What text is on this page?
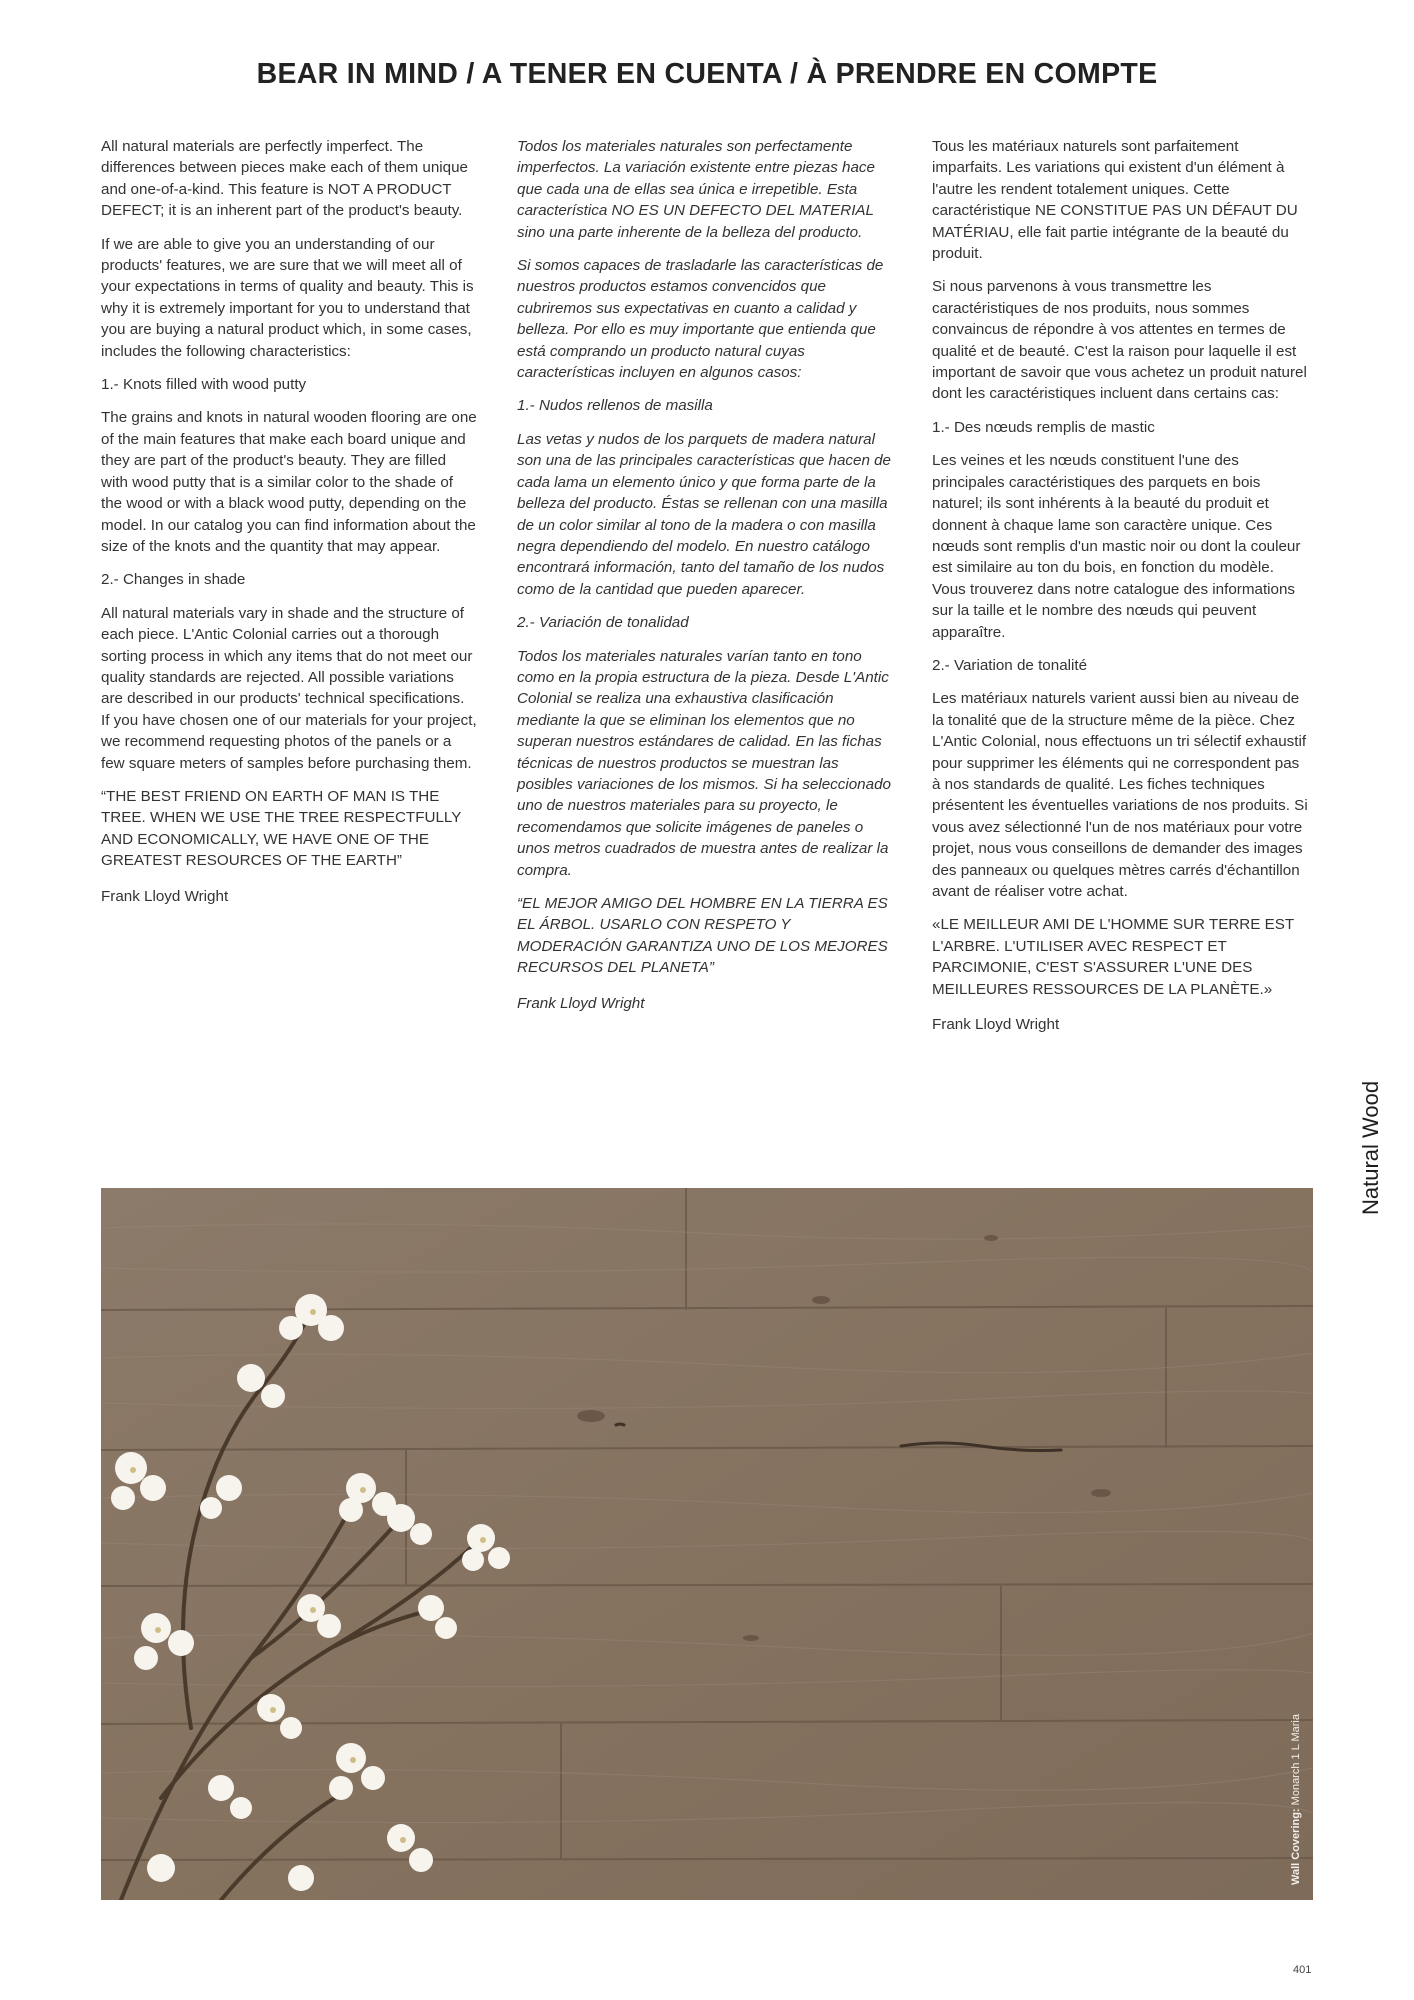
BEAR IN MIND / A TENER EN CUENTA / À PRENDRE EN COMPTE

All natural materials are perfectly imperfect. The differences between pieces make each of them unique and one-of-a-kind. This feature is NOT A PRODUCT DEFECT; it is an inherent part of the product's beauty.

If we are able to give you an understanding of our products' features, we are sure that we will meet all of your expectations in terms of quality and beauty. This is why it is extremely important for you to understand that you are buying a natural product which, in some cases, includes the following characteristics:

1.- Knots filled with wood putty

The grains and knots in natural wooden flooring are one of the main features that make each board unique and they are part of the product's beauty. They are filled with wood putty that is a similar color to the shade of the wood or with a black wood putty, depending on the model. In our catalog you can find information about the size of the knots and the quantity that may appear.

2.- Changes in shade

All natural materials vary in shade and the structure of each piece. L'Antic Colonial carries out a thorough sorting process in which any items that do not meet our quality standards are rejected. All possible variations are described in our products' technical specifications. If you have chosen one of our materials for your project, we recommend requesting photos of the panels or a few square meters of samples before purchasing them.

“THE BEST FRIEND ON EARTH OF MAN IS THE TREE. WHEN WE USE THE TREE RESPECTFULLY AND ECONOMICALLY, WE HAVE ONE OF THE GREATEST RESOURCES OF THE EARTH”

Frank Lloyd Wright

Todos los materiales naturales son perfectamente imperfectos. La variación existente entre piezas hace que cada una de ellas sea única e irrepetible. Esta característica NO ES UN DEFECTO DEL MATERIAL sino una parte inherente de la belleza del producto.

Si somos capaces de trasladarle las características de nuestros productos estamos convencidos que cubriremos sus expectativas en cuanto a calidad y belleza. Por ello es muy importante que entienda que está comprando un producto natural cuyas características incluyen en algunos casos:

1.- Nudos rellenos de masilla

Las vetas y nudos de los parquets de madera natural son una de las principales características que hacen de cada lama un elemento único y que forma parte de la belleza del producto. Éstas se rellenan con una masilla de un color similar al tono de la madera o con masilla negra dependiendo del modelo. En nuestro catálogo encontrará información, tanto del tamaño de los nudos como de la cantidad que pueden aparecer.

2.- Variación de tonalidad

Todos los materiales naturales varían tanto en tono como en la propia estructura de la pieza. Desde L'Antic Colonial se realiza una exhaustiva clasificación mediante la que se eliminan los elementos que no superan nuestros estándares de calidad. En las fichas técnicas de nuestros productos se muestran las posibles variaciones de los mismos. Si ha seleccionado uno de nuestros materiales para su proyecto, le recomendamos que solicite imágenes de paneles o unos metros cuadrados de muestra antes de realizar la compra.

“EL MEJOR AMIGO DEL HOMBRE EN LA TIERRA ES EL ÁRBOL. USARLO CON RESPETO Y MODERACIÓN GARANTIZA UNO DE LOS MEJORES RECURSOS DEL PLANETA”

Frank Lloyd Wright

Tous les matériaux naturels sont parfaitement imparfaits. Les variations qui existent d'un élément à l'autre les rendent totalement uniques. Cette caractéristique NE CONSTITUE PAS UN DÉFAUT DU MATÉRIAU, elle fait partie intégrante de la beauté du produit.

Si nous parvenons à vous transmettre les caractéristiques de nos produits, nous sommes convaincus de répondre à vos attentes en termes de qualité et de beauté. C'est la raison pour laquelle il est important de savoir que vous achetez un produit naturel dont les caractéristiques incluent dans certains cas:

1.- Des nœuds remplis de mastic

Les veines et les nœuds constituent l'une des principales caractéristiques des parquets en bois naturel; ils sont inhérents à la beauté du produit et donnent à chaque lame son caractère unique. Ces nœuds sont remplis d'un mastic noir ou dont la couleur est similaire au ton du bois, en fonction du modèle. Vous trouverez dans notre catalogue des informations sur la taille et le nombre des nœuds qui peuvent apparaître.

2.- Variation de tonalité

Les matériaux naturels varient aussi bien au niveau de la tonalité que de la structure même de la pièce. Chez L'Antic Colonial, nous effectuons un tri sélectif exhaustif pour supprimer les éléments qui ne correspondent pas à nos standards de qualité. Les fiches techniques présentent les éventuelles variations de nos produits. Si vous avez sélectionné l'un de nos matériaux pour votre projet, nous vous conseillons de demander des images des panneaux ou quelques mètres carrés d'échantillon avant de réaliser votre achat.

«LE MEILLEUR AMI DE L'HOMME SUR TERRE EST L'ARBRE. L'UTILISER AVEC RESPECT ET PARCIMONIE, C'EST S'ASSURER L'UNE DES MEILLEURES RESSOURCES DE LA PLANÈTE.»

Frank Lloyd Wright

Natural Wood
Wall Covering: Monarch 1 L Maria
401
